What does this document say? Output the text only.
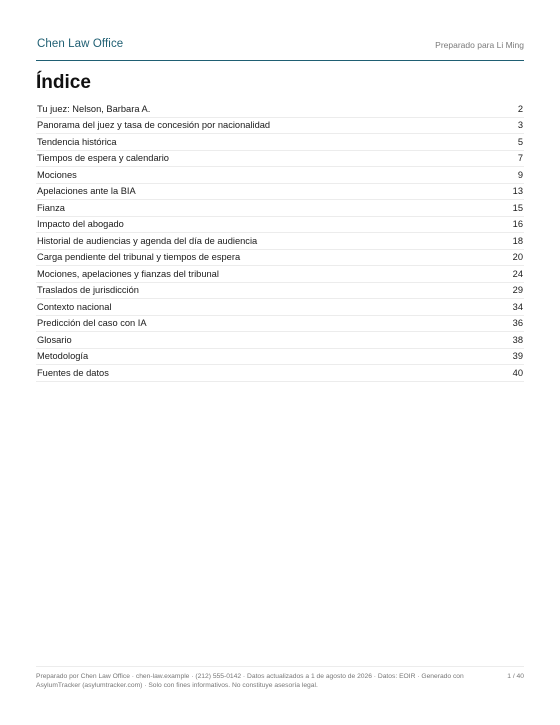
Chen Law Office	Preparado para Li Ming
Índice
Tu juez: Nelson, Barbara A.	2
Panorama del juez y tasa de concesión por nacionalidad	3
Tendencia histórica	5
Tiempos de espera y calendario	7
Mociones	9
Apelaciones ante la BIA	13
Fianza	15
Impacto del abogado	16
Historial de audiencias y agenda del día de audiencia	18
Carga pendiente del tribunal y tiempos de espera	20
Mociones, apelaciones y fianzas del tribunal	24
Traslados de jurisdicción	29
Contexto nacional	34
Predicción del caso con IA	36
Glosario	38
Metodología	39
Fuentes de datos	40
Preparado por Chen Law Office · chen-law.example · (212) 555-0142 · Datos actualizados a 1 de agosto de 2026 · Datos: EOIR · Generado con AsylumTracker (asylumtracker.com) · Solo con fines informativos. No constituye asesoría legal.
1 / 40
